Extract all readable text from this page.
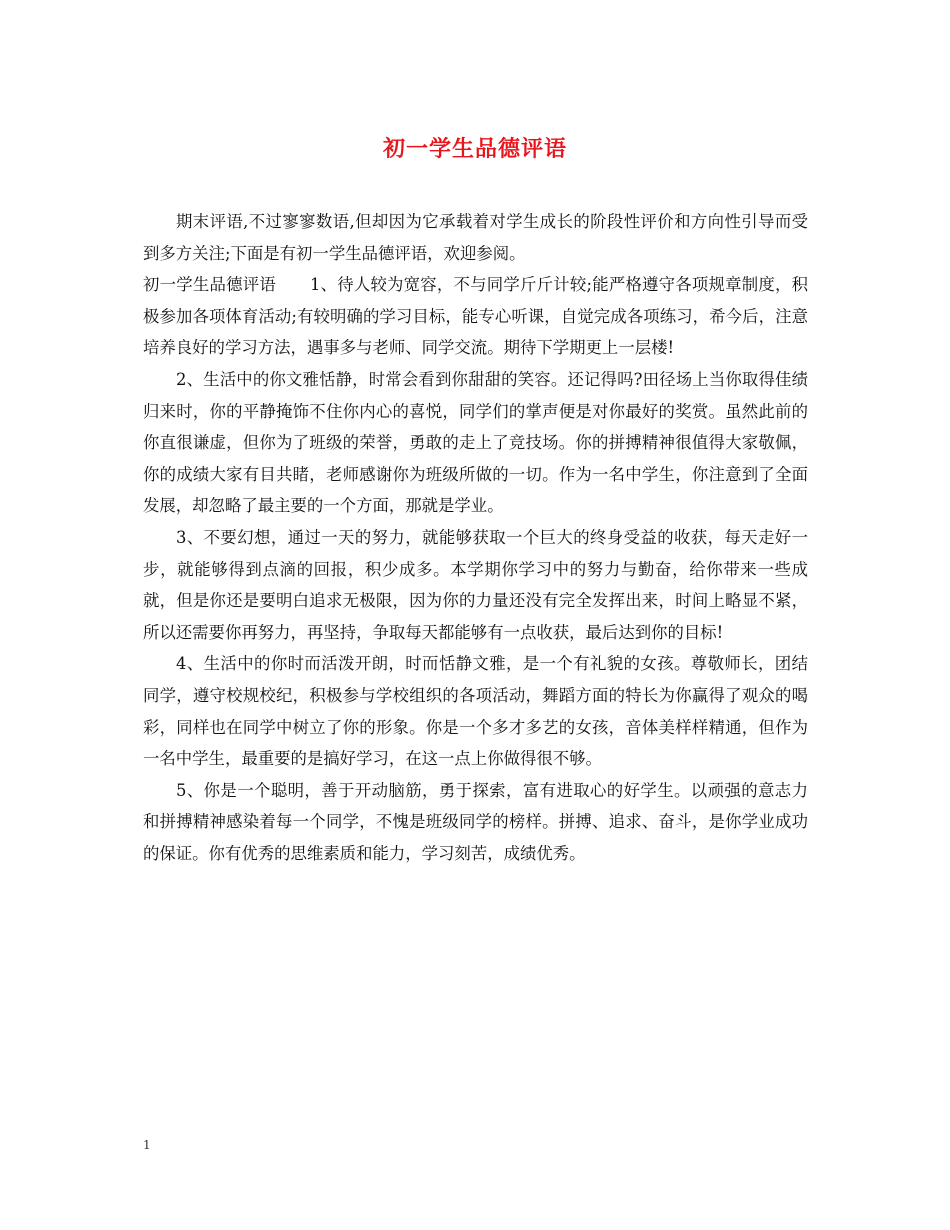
初一学生品德评语

期末评语,不过寥寥数语,但却因为它承载着对学生成长的阶段性评价和方向性引导而受到多方关注;下面是有初一学生品德评语，欢迎参阅。

初一学生品德评语 1、待人较为宽容，不与同学斤斤计较;能严格遵守各项规章制度，积极参加各项体育活动;有较明确的学习目标，能专心听课，自觉完成各项练习，希今后，注意培养良好的学习方法，遇事多与老师、同学交流。期待下学期更上一层楼!

2、生活中的你文雅恬静，时常会看到你甜甜的笑容。还记得吗?田径场上当你取得佳绩归来时，你的平静掩饰不住你内心的喜悦，同学们的掌声便是对你最好的奖赏。虽然此前的你直很谦虚，但你为了班级的荣誉，勇敢的走上了竞技场。你的拼搏精神很值得大家敬佩，你的成绩大家有目共睹，老师感谢你为班级所做的一切。作为一名中学生，你注意到了全面发展，却忽略了最主要的一个方面，那就是学业。

3、不要幻想，通过一天的努力，就能够获取一个巨大的终身受益的收获，每天走好一步，就能够得到点滴的回报，积少成多。本学期你学习中的努力与勤奋，给你带来一些成就，但是你还是要明白追求无极限，因为你的力量还没有完全发挥出来，时间上略显不紧，所以还需要你再努力，再坚持，争取每天都能够有一点收获，最后达到你的目标!

4、生活中的你时而活泼开朗，时而恬静文雅，是一个有礼貌的女孩。尊敬师长，团结同学，遵守校规校纪，积极参与学校组织的各项活动，舞蹈方面的特长为你赢得了观众的喝彩，同样也在同学中树立了你的形象。你是一个多才多艺的女孩，音体美样样精通，但作为一名中学生，最重要的是搞好学习，在这一点上你做得很不够。

5、你是一个聪明，善于开动脑筋，勇于探索，富有进取心的好学生。以顽强的意志力和拼搏精神感染着每一个同学，不愧是班级同学的榜样。拼搏、追求、奋斗，是你学业成功的保证。你有优秀的思维素质和能力，学习刻苦，成绩优秀。

1
